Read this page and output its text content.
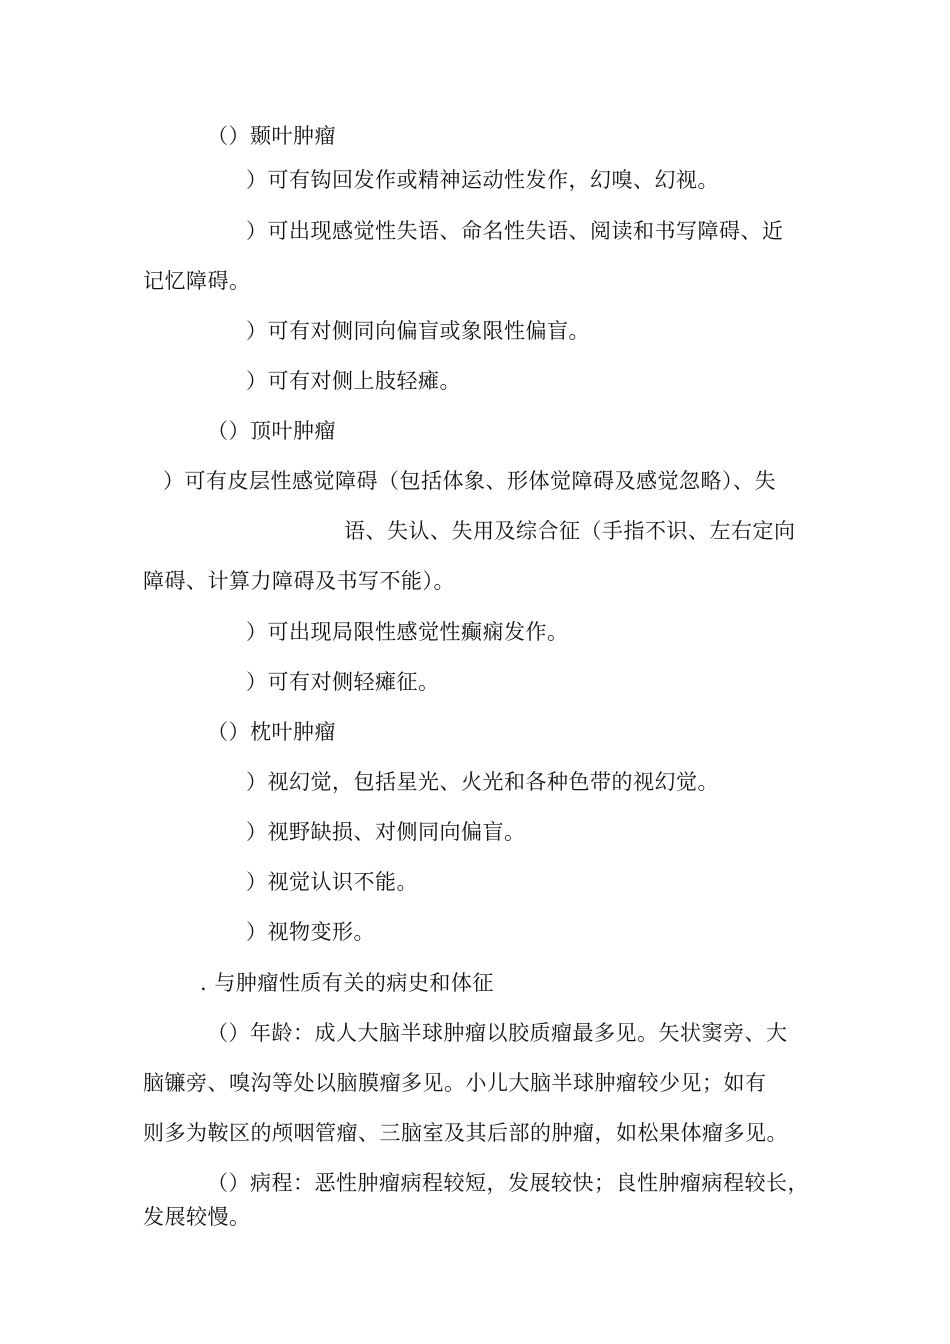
（）颞叶肿瘤
）可有钩回发作或精神运动性发作，幻嗅、幻视。
）可出现感觉性失语、命名性失语、阅读和书写障碍、近
记忆障碍。
）可有对侧同向偏盲或象限性偏盲。
）可有对侧上肢轻瘫。
（）顶叶肿瘤
）可有皮层性感觉障碍（包括体象、形体觉障碍及感觉忽略）、失
语、失认、失用及综合征（手指不识、左右定向
障碍、计算力障碍及书写不能）。
）可出现局限性感觉性癫痫发作。
）可有对侧轻瘫征。
（）枕叶肿瘤
）视幻觉，包括星光、火光和各种色带的视幻觉。
）视野缺损、对侧同向偏盲。
）视觉认识不能。
）视物变形。
. 与肿瘤性质有关的病史和体征
（）年龄：成人大脑半球肿瘤以胶质瘤最多见。矢状窦旁、大
脑镰旁、嗅沟等处以脑膜瘤多见。小儿大脑半球肿瘤较少见；如有
则多为鞍区的颅咽管瘤、三脑室及其后部的肿瘤，如松果体瘤多见。
（）病程：恶性肿瘤病程较短，发展较快；良性肿瘤病程较长，
发展较慢。
